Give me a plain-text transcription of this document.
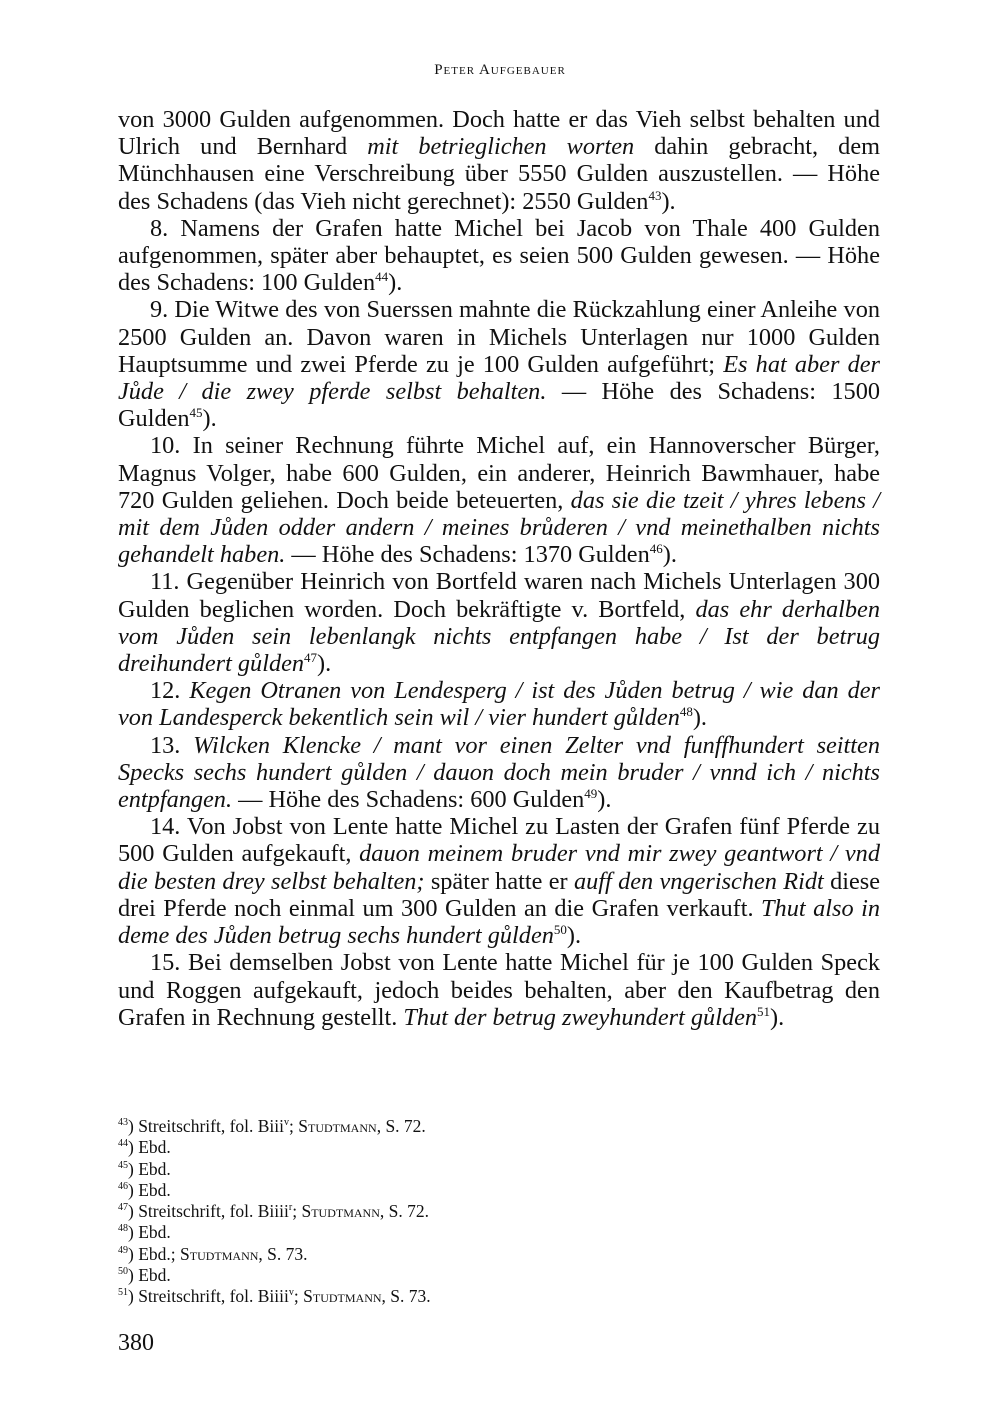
Peter Aufgebauer

von 3000 Gulden aufgenommen. Doch hatte er das Vieh selbst behalten und Ulrich und Bernhard mit betrieglichen worten dahin gebracht, dem Münchhausen eine Verschreibung über 5550 Gulden auszustellen. — Höhe des Schadens (das Vieh nicht gerechnet): 2550 Gulden$^{43}$).

8. Namens der Grafen hatte Michel bei Jacob von Thale 400 Gulden aufgenommen, später aber behauptet, es seien 500 Gulden gewesen. — Höhe des Schadens: 100 Gulden$^{44}$).

9. Die Witwe des von Suerssen mahnte die Rückzahlung einer Anleihe von 2500 Gulden an. Davon waren in Michels Unterlagen nur 1000 Gulden Hauptsumme und zwei Pferde zu je 100 Gulden aufgeführt; Es hat aber der Jůde / die zwey pferde selbst behalten. — Höhe des Schadens: 1500 Gulden$^{45}$).

10. In seiner Rechnung führte Michel auf, ein Hannoverscher Bürger, Magnus Volger, habe 600 Gulden, ein anderer, Heinrich Bawmhauer, habe 720 Gulden geliehen. Doch beide beteuerten, das sie die tzeit / yhres lebens / mit dem Jůden odder andern / meines brůderen / vnd meinethalben nichts gehandelt haben. — Höhe des Schadens: 1370 Gulden$^{46}$).

11. Gegenüber Heinrich von Bortfeld waren nach Michels Unterlagen 300 Gulden beglichen worden. Doch bekräftigte v. Bortfeld, das ehr derhalben vom Jůden sein lebenlangk nichts entpfangen habe / Ist der betrug dreihundert gůlden$^{47}$).

12. Kegen Otranen von Lendesperg / ist des Jůden betrug / wie dan der von Landesperck bekentlich sein wil / vier hundert gůlden$^{48}$).

13. Wilcken Klencke / mant vor einen Zelter vnd funffhundert seitten Specks sechs hundert gůlden / dauon doch mein bruder / vnnd ich / nichts entpfangen. — Höhe des Schadens: 600 Gulden$^{49}$).

14. Von Jobst von Lente hatte Michel zu Lasten der Grafen fünf Pferde zu 500 Gulden aufgekauft, dauon meinem bruder vnd mir zwey geantwort / vnd die besten drey selbst behalten; später hatte er auff den vngerischen Ridt diese drei Pferde noch einmal um 300 Gulden an die Grafen verkauft. Thut also in deme des Jůden betrug sechs hundert gůlden$^{50}$).

15. Bei demselben Jobst von Lente hatte Michel für je 100 Gulden Speck und Roggen aufgekauft, jedoch beides behalten, aber den Kaufbetrag den Grafen in Rechnung gestellt. Thut der betrug zweyhundert gůlden$^{51}$).

$^{43}$) Streitschrift, fol. Biii$^v$; Studtmann, S. 72.
$^{44}$) Ebd.
$^{45}$) Ebd.
$^{46}$) Ebd.
$^{47}$) Streitschrift, fol. Biiii$^r$; Studtmann, S. 72.
$^{48}$) Ebd.
$^{49}$) Ebd.; Studtmann, S. 73.
$^{50}$) Ebd.
$^{51}$) Streitschrift, fol. Biiii$^v$; Studtmann, S. 73.
380
